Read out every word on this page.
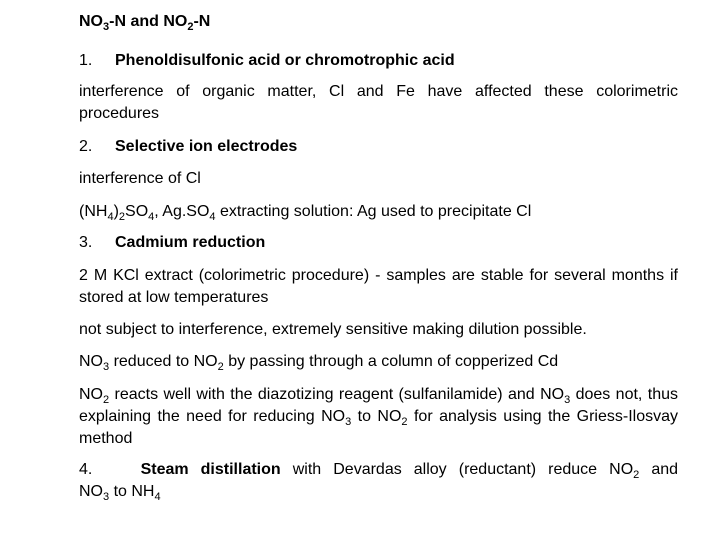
$NO_3-N$ and $NO_2-N$

1. Phenoldisulfonic acid or chromotrophic acid

interference of organic matter, Cl and Fe have affected these colorimetric procedures

2. Selective ion electrodes

interference of Cl

$(NH_4)_2SO_4$, $Ag.SO_4$ extracting solution: Ag used to precipitate Cl

3. Cadmium reduction

2 M KCl extract (colorimetric procedure) - samples are stable for several months if stored at low temperatures

not subject to interference, extremely sensitive making dilution possible.

$NO_3$ reduced to $NO_2$ by passing through a column of copperized Cd

$NO_2$ reacts well with the diazotizing reagent (sulfanilamide) and $NO_3$ does not, thus explaining the need for reducing $NO_3$ to $NO_2$ for analysis using the Griess-Ilosvay method

4.	Steam distillation with Devardas alloy (reductant) reduce $NO_2$ and

$NO_3$ to $NH_4$
